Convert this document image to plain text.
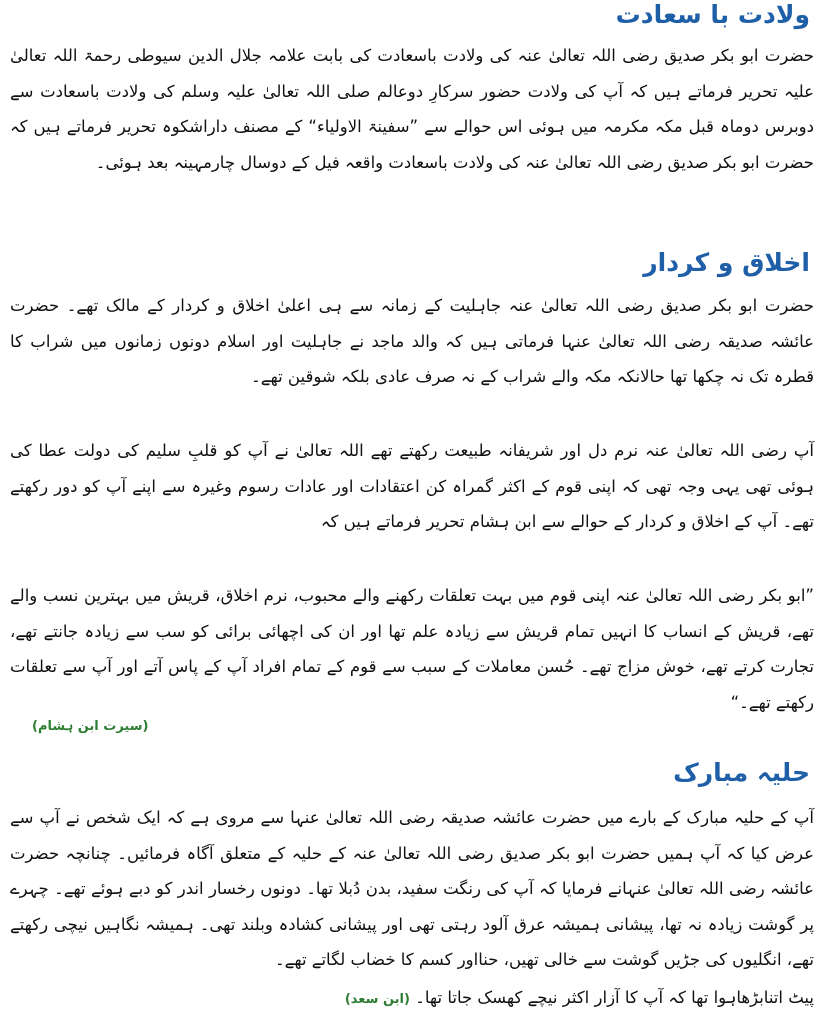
ولادت با سعادت

حضرت ابو بکر صدیق رضی اللہ تعالیٰ عنہ کی ولادت باسعادت کی بابت علامہ جلال الدین سیوطی رحمۃ اللہ تعالیٰ علیہ تحریر فرماتے ہیں کہ آپ کی ولادت حضور سرکارِ دوعالم صلی اللہ تعالیٰ علیہ وسلم کی ولادت باسعادت سے دوبرس دوماہ قبل مکہ مکرمہ میں ہوئی اس حوالے سے ”سفینۃ الاولیاء“ کے مصنف داراشکوہ تحریر فرماتے ہیں کہ حضرت ابو بکر صدیق رضی اللہ تعالیٰ عنہ کی ولادت باسعادت واقعہ فیل کے دوسال چارمہینہ بعد ہوئی۔

اخلاق و کردار

حضرت ابو بکر صدیق رضی اللہ تعالیٰ عنہ جاہلیت کے زمانہ سے ہی اعلیٰ اخلاق و کردار کے مالک تھے۔ حضرت عائشہ صدیقہ رضی اللہ تعالیٰ عنہا فرماتی ہیں کہ والد ماجد نے جاہلیت اور اسلام دونوں زمانوں میں شراب کا قطرہ تک نہ چکھا تھا حالانکہ مکہ والے شراب کے نہ صرف عادی بلکہ شوقین تھے۔

آپ رضی اللہ تعالیٰ عنہ نرم دل اور شریفانہ طبیعت رکھتے تھے اللہ تعالیٰ نے آپ کو قلبِ سلیم کی دولت عطا کی ہوئی تھی یہی وجہ تھی کہ اپنی قوم کے اکثر گمراہ کن اعتقادات اور عادات رسوم وغیرہ سے اپنے آپ کو دور رکھتے تھے۔ آپ کے اخلاق و کردار کے حوالے سے ابن ہشام تحریر فرماتے ہیں کہ

”ابو بکر رضی اللہ تعالیٰ عنہ اپنی قوم میں بہت تعلقات رکھنے والے محبوب، نرم اخلاق، قریش میں بہترین نسب والے تھے، قریش کے انساب کا انہیں تمام قریش سے زیادہ علم تھا اور ان کی اچھائی برائی کو سب سے زیادہ جانتے تھے، تجارت کرتے تھے، خوش مزاج تھے۔ حُسن معاملات کے سبب سے قوم کے تمام افراد آپ کے پاس آتے اور آپ سے تعلقات رکھتے تھے۔“

(سیرت ابن ہشام)

حلیہ مبارک

آپ کے حلیہ مبارک کے بارے میں حضرت عائشہ صدیقہ رضی اللہ تعالیٰ عنہا سے مروی ہے کہ ایک شخص نے آپ سے عرض کیا کہ آپ ہمیں حضرت ابو بکر صدیق رضی اللہ تعالیٰ عنہ کے حلیہ کے متعلق آگاہ فرمائیں۔ چنانچہ حضرت عائشہ رضی اللہ تعالیٰ عنہانے فرمایا کہ آپ کی رنگت سفید، بدن دُبلا تھا۔ دونوں رخسار اندر کو دبے ہوئے تھے۔ چہرے پر گوشت زیادہ نہ تھا، پیشانی ہمیشہ عرق آلود رہتی تھی اور پیشانی کشادہ وبلند تھی۔ ہمیشہ نگاہیں نیچی رکھتے تھے، انگلیوں کی جڑیں گوشت سے خالی تھیں، حنااور کسم کا خضاب لگاتے تھے۔

پیٹ اتنابڑھاہوا تھا کہ آپ کا آزار اکثر نیچے کھسک جاتا تھا۔ (ابن سعد)
